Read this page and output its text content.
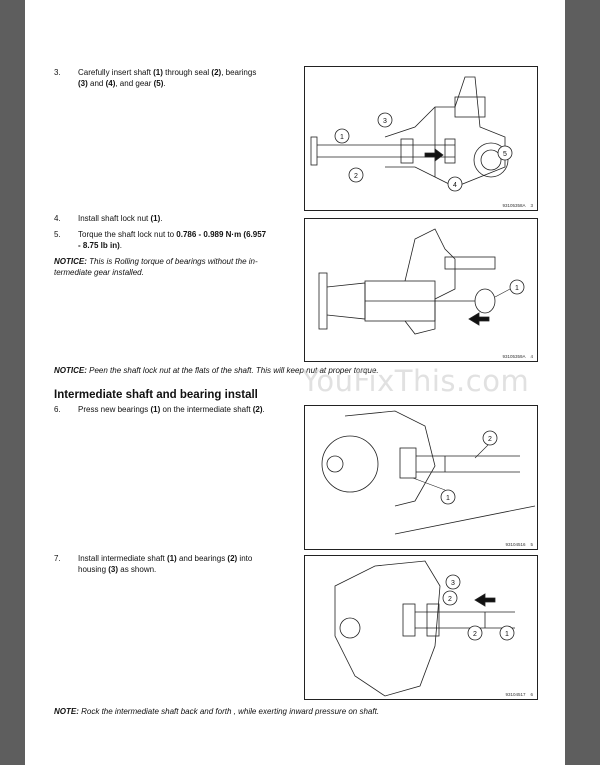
3. Carefully insert shaft (1) through seal (2), bearings
(3) and (4), and gear (5).
1
2
3
4
5
93105358A 3
4. Install shaft lock nut (1).
5. Torque the shaft lock nut to 0.786 - 0.989 N·m (6.957
- 8.75 lb in).
NOTICE: This is Rolling torque of bearings without the in-
termediate gear installed.
1
93105359A 4
NOTICE: Peen the shaft lock nut at the flats of the shaft. This will keep nut at proper torque.
Intermediate shaft and bearing install
6. Press new bearings (1) on the intermediate shaft (2).
2
1
93104516 5
7. Install intermediate shaft (1) and bearings (2) into
housing (3) as shown.
3
2
2	1
93104517 6
NOTE: Rock the intermediate shaft back and forth , while exerting inward pressure on shaft.
YouFixThis.com
